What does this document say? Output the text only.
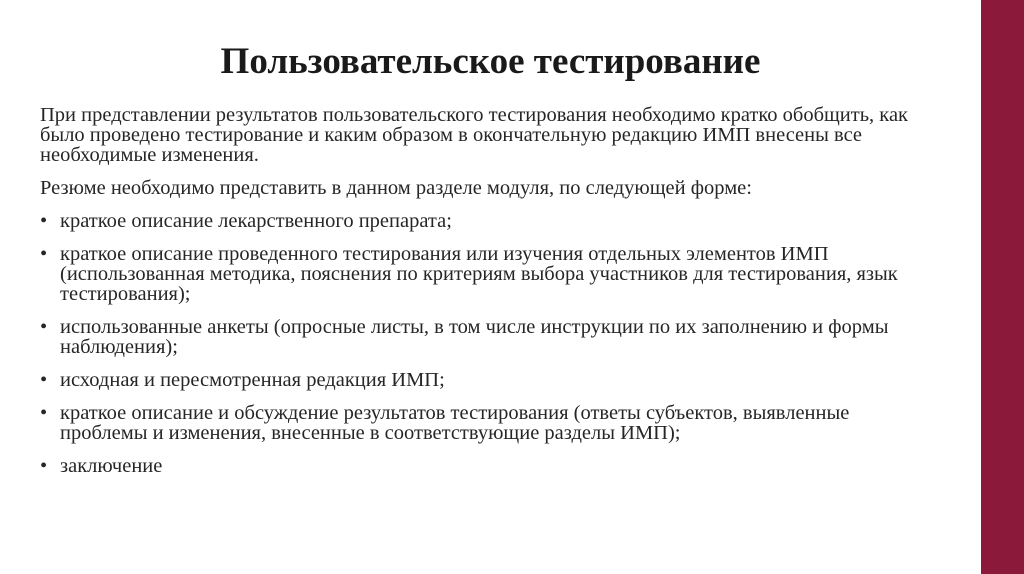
Пользовательское тестирование

При представлении результатов пользовательского тестирования необходимо кратко обобщить, как было проведено тестирование и каким образом в окончательную редакцию ИМП внесены все необходимые изменения.

Резюме необходимо представить в данном разделе модуля, по следующей форме:

• краткое описание лекарственного препарата;
• краткое описание проведенного тестирования или изучения отдельных элементов ИМП (использованная методика, пояснения по критериям выбора участников для тестирования, язык тестирования);
• использованные анкеты (опросные листы, в том числе инструкции по их заполнению и формы наблюдения);
• исходная и пересмотренная редакция ИМП;
• краткое описание и обсуждение результатов тестирования (ответы субъектов, выявленные проблемы и изменения, внесенные в соответствующие разделы ИМП);
• заключение
